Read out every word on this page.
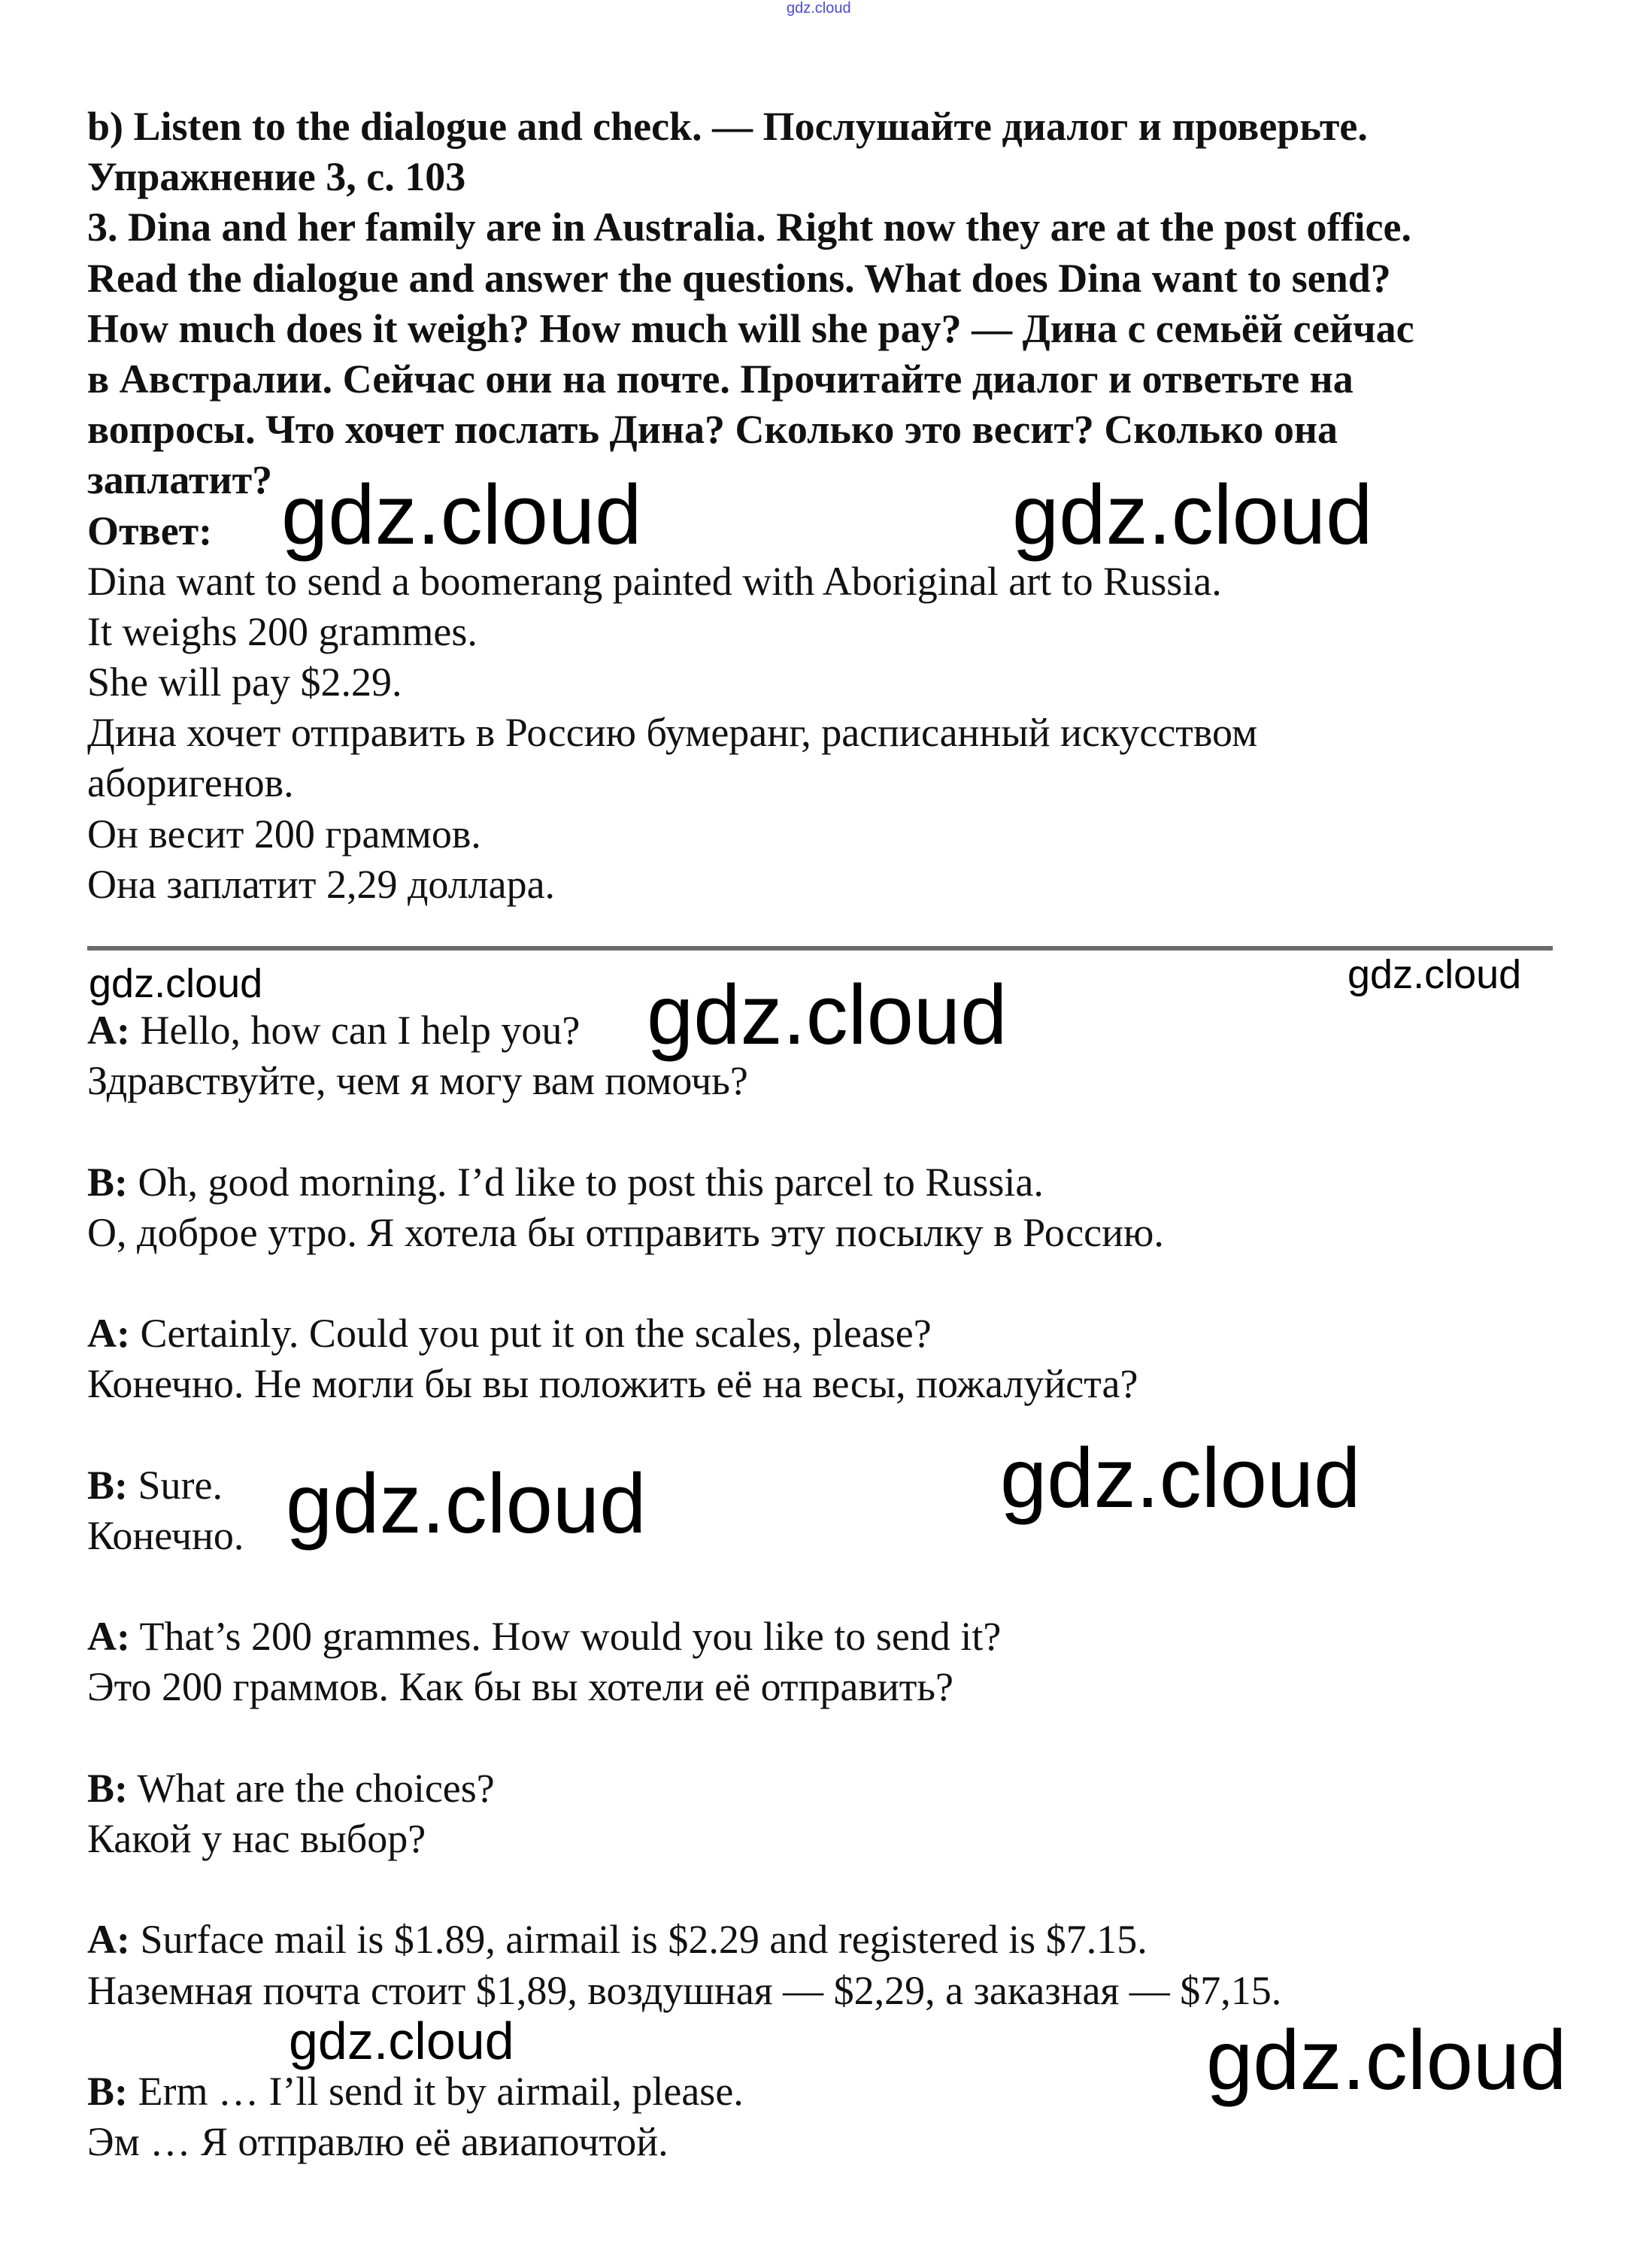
gdz.cloud
b) Listen to the dialogue and check. — Послушайте диалог и проверьте.
Упражнение 3, с. 103
3. Dina and her family are in Australia. Right now they are at the post office.
Read the dialogue and answer the questions. What does Dina want to send?
How much does it weigh? How much will she pay? — Дина с семьёй сейчас
в Австралии. Сейчас они на почте. Прочитайте диалог и ответьте на
вопросы. Что хочет послать Дина? Сколько это весит? Сколько она
заплатит?
Ответ:
Dina want to send a boomerang painted with Aboriginal art to Russia.
It weighs 200 grammes.
She will pay $2.29.
Дина хочет отправить в Россию бумеранг, расписанный искусством
аборигенов.
Он весит 200 граммов.
Она заплатит 2,29 доллара.
A: Hello, how can I help you?
Здравствуйте, чем я могу вам помочь?
B: Oh, good morning. I’d like to post this parcel to Russia.
О, доброе утро. Я хотела бы отправить эту посылку в Россию.
A: Certainly. Could you put it on the scales, please?
Конечно. Не могли бы вы положить её на весы, пожалуйста?
B: Sure.
Конечно.
A: That’s 200 grammes. How would you like to send it?
Это 200 граммов. Как бы вы хотели её отправить?
B: What are the choices?
Какой у нас выбор?
A: Surface mail is $1.89, airmail is $2.29 and registered is $7.15.
Наземная почта стоит $1,89, воздушная — $2,29, а заказная — $7,15.
B: Erm … I’ll send it by airmail, please.
Эм … Я отправлю её авиапочтой.
gdz.cloud	gdz.cloud
gdz.cloud
gdz.cloud	gdz.cloud
gdz.cloud	gdz.cloud
gdz.cloud	gdz.cloud
